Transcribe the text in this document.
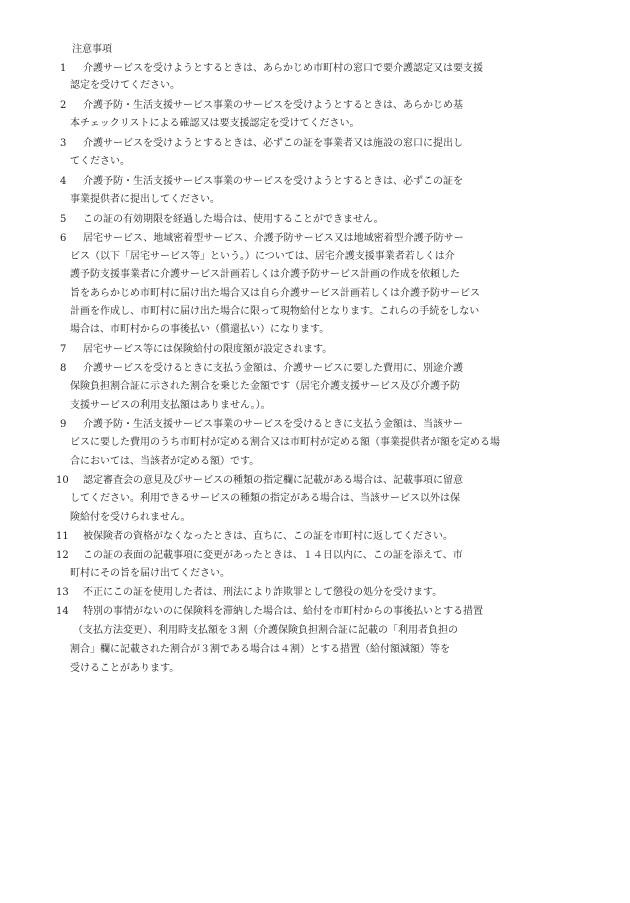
注意事項
1 介護サービスを受けようとするときは、あらかじめ市町村の窓口で要介護認定又は要支援
認定を受けてください。
2 介護予防・生活支援サービス事業のサービスを受けようとするときは、あらかじめ基
本チェックリストによる確認又は要支援認定を受けてください。
3 介護サービスを受けようとするときは、必ずこの証を事業者又は施設の窓口に提出し
てください。
4 介護予防・生活支援サービス事業のサービスを受けようとするときは、必ずこの証を
事業提供者に提出してください。
5 この証の有効期限を経過した場合は、使用することができません。
6 居宅サービス、地域密着型サービス、介護予防サービス又は地域密着型介護予防サー
ビス（以下「居宅サービス等」という。）については、居宅介護支援事業者若しくは介
護予防支援事業者に介護サービス計画若しくは介護予防サービス計画の作成を依頼した
旨をあらかじめ市町村に届け出た場合又は自ら介護サービス計画若しくは介護予防サービス
計画を作成し、市町村に届け出た場合に限って現物給付となります。これらの手続をしない
場合は、市町村からの事後払い（償還払い）になります。
7 居宅サービス等には保険給付の限度額が設定されます。
8 介護サービスを受けるときに支払う金額は、介護サービスに要した費用に、別途介護
保険負担割合証に示された割合を乗じた金額です（居宅介護支援サービス及び介護予防
支援サービスの利用支払額はありません。）。
9 介護予防・生活支援サービス事業のサービスを受けるときに支払う金額は、当該サー
ビスに要した費用のうち市町村が定める割合又は市町村が定める額（事業提供者が額を定める場
合においては、当該者が定める額）です。
10 認定審査会の意見及びサービスの種類の指定欄に記載がある場合は、記載事項に留意
してください。利用できるサービスの種類の指定がある場合は、当該サービス以外は保
険給付を受けられません。
11 被保険者の資格がなくなったときは、直ちに、この証を市町村に返してください。
12 この証の表面の記載事項に変更があったときは、１４日以内に、この証を添えて、市
町村にその旨を届け出てください。
13 不正にこの証を使用した者は、刑法により詐欺罪として懲役の処分を受けます。
14 特別の事情がないのに保険料を滞納した場合は、給付を市町村からの事後払いとする措置
（支払方法変更）、利用時支払額を３割（介護保険負担割合証に記載の「利用者負担の
割合」欄に記載された割合が３割である場合は４割）とする措置（給付額減額）等を
受けることがあります。
